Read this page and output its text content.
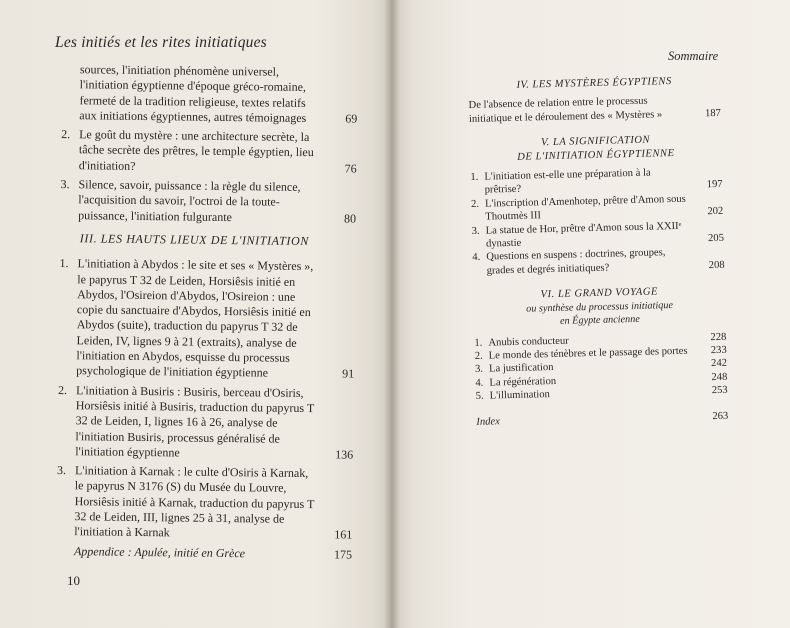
Les initiés et les rites initiatiques
sources, l'initiation phénomène universel, l'initiation égyptienne d'époque gréco-romaine, fermeté de la tradition religieuse, textes relatifs aux initiations égyptiennes, autres témoignages	69
2. Le goût du mystère : une architecture secrète, la tâche secrète des prêtres, le temple égyptien, lieu d'initiation?	76
3. Silence, savoir, puissance : la règle du silence, l'acquisition du savoir, l'octroi de la toute-puissance, l'initiation fulgurante	80
III. LES HAUTS LIEUX DE L'INITIATION
1. L'initiation à Abydos : le site et ses « Mystères », le papyrus T 32 de Leiden, Horsiêsis initié en Abydos, l'Osireion d'Abydos, l'Osireion : une copie du sanctuaire d'Abydos, Horsiêsis initié en Abydos (suite), traduction du papyrus T 32 de Leiden, IV, lignes 9 à 21 (extraits), analyse de l'initiation en Abydos, esquisse du processus psychologique de l'initiation égyptienne	91
2. L'initiation à Busiris : Busiris, berceau d'Osiris, Horsiêsis initié à Busiris, traduction du papyrus T 32 de Leiden, I, lignes 16 à 26, analyse de l'initiation Busiris, processus généralisé de l'initiation égyptienne	136
3. L'initiation à Karnak : le culte d'Osiris à Karnak, le papyrus N 3176 (S) du Musée du Louvre, Horsiêsis initié à Karnak, traduction du papyrus T 32 de Leiden, III, lignes 25 à 31, analyse de l'initiation à Karnak	161
Appendice : Apulée, initié en Grèce	175
10
Sommaire
IV. LES MYSTÈRES ÉGYPTIENS
De l'absence de relation entre le processus initiatique et le déroulement des « Mystères »	187
V. LA SIGNIFICATION
DE L'INITIATION ÉGYPTIENNE
1. L'initiation est-elle une préparation à la prêtrise?	197
2. L'inscription d'Amenhotep, prêtre d'Amon sous Thoutmès III	202
3. La statue de Hor, prêtre d'Amon sous la XXIIᵉ dynastie	205
4. Questions en suspens : doctrines, groupes, grades et degrés initiatiques?	208
VI. LE GRAND VOYAGE
ou synthèse du processus initiatique
en Égypte ancienne
1. Anubis conducteur	228
2. Le monde des ténèbres et le passage des portes	233
3. La justification	242
4. La régénération	248
5. L'illumination	253
Index	263
